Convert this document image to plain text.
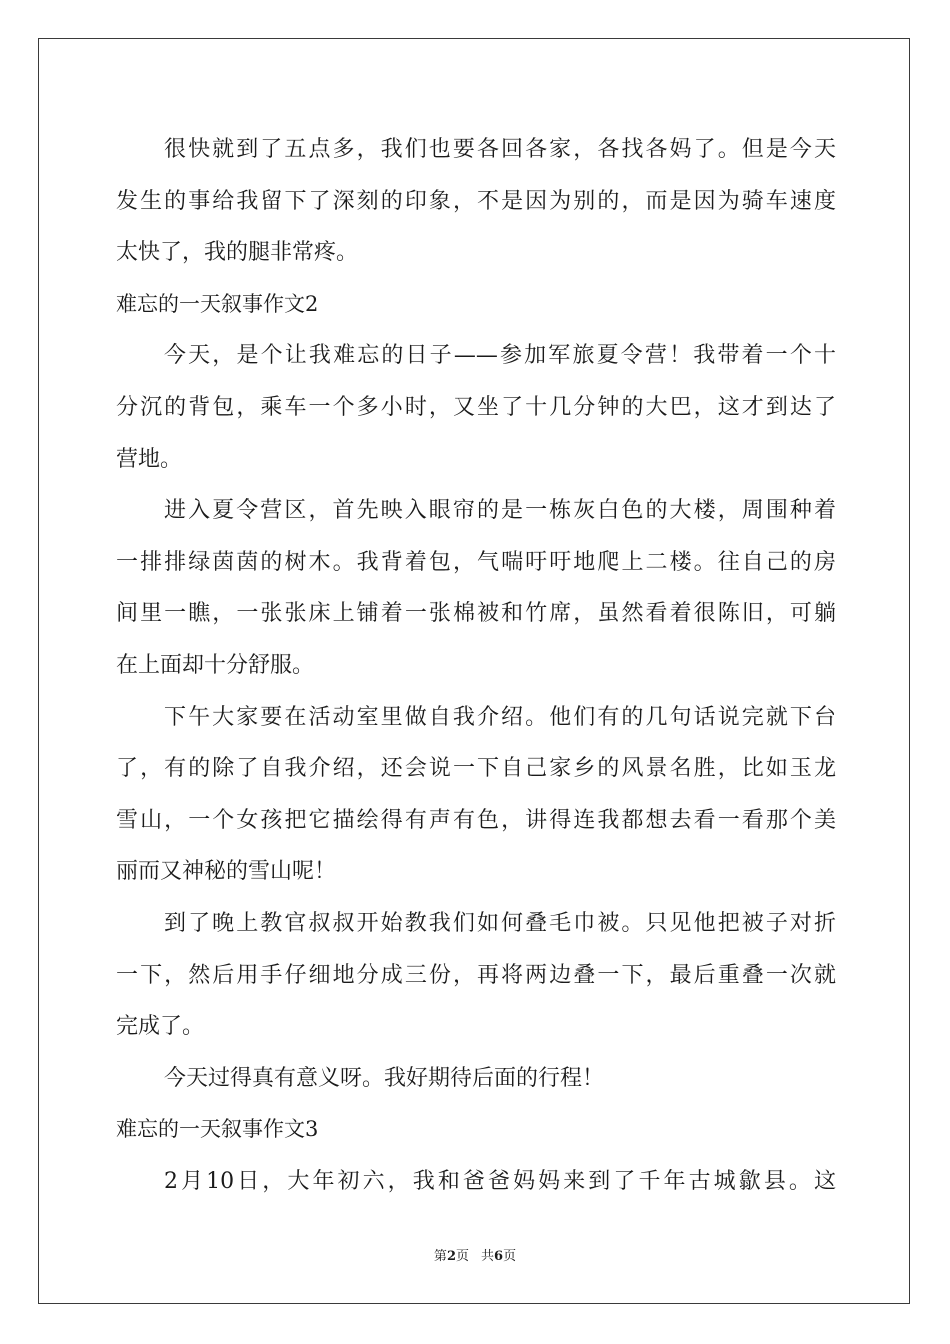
很快就到了五点多，我们也要各回各家，各找各妈了。但是今天
发生的事给我留下了深刻的印象，不是因为别的，而是因为骑车速度
太快了，我的腿非常疼。
难忘的一天叙事作文2
今天，是个让我难忘的日子——参加军旅夏令营！我带着一个十
分沉的背包，乘车一个多小时，又坐了十几分钟的大巴，这才到达了
营地。
进入夏令营区，首先映入眼帘的是一栋灰白色的大楼，周围种着
一排排绿茵茵的树木。我背着包，气喘吁吁地爬上二楼。往自己的房
间里一瞧，一张张床上铺着一张棉被和竹席，虽然看着很陈旧，可躺
在上面却十分舒服。
下午大家要在活动室里做自我介绍。他们有的几句话说完就下台
了，有的除了自我介绍，还会说一下自己家乡的风景名胜，比如玉龙
雪山，一个女孩把它描绘得有声有色，讲得连我都想去看一看那个美
丽而又神秘的雪山呢！
到了晚上教官叔叔开始教我们如何叠毛巾被。只见他把被子对折
一下，然后用手仔细地分成三份，再将两边叠一下，最后重叠一次就
完成了。
今天过得真有意义呀。我好期待后面的行程！
难忘的一天叙事作文3
2月10日，大年初六，我和爸爸妈妈来到了千年古城歙县。这
第2页 共6页
